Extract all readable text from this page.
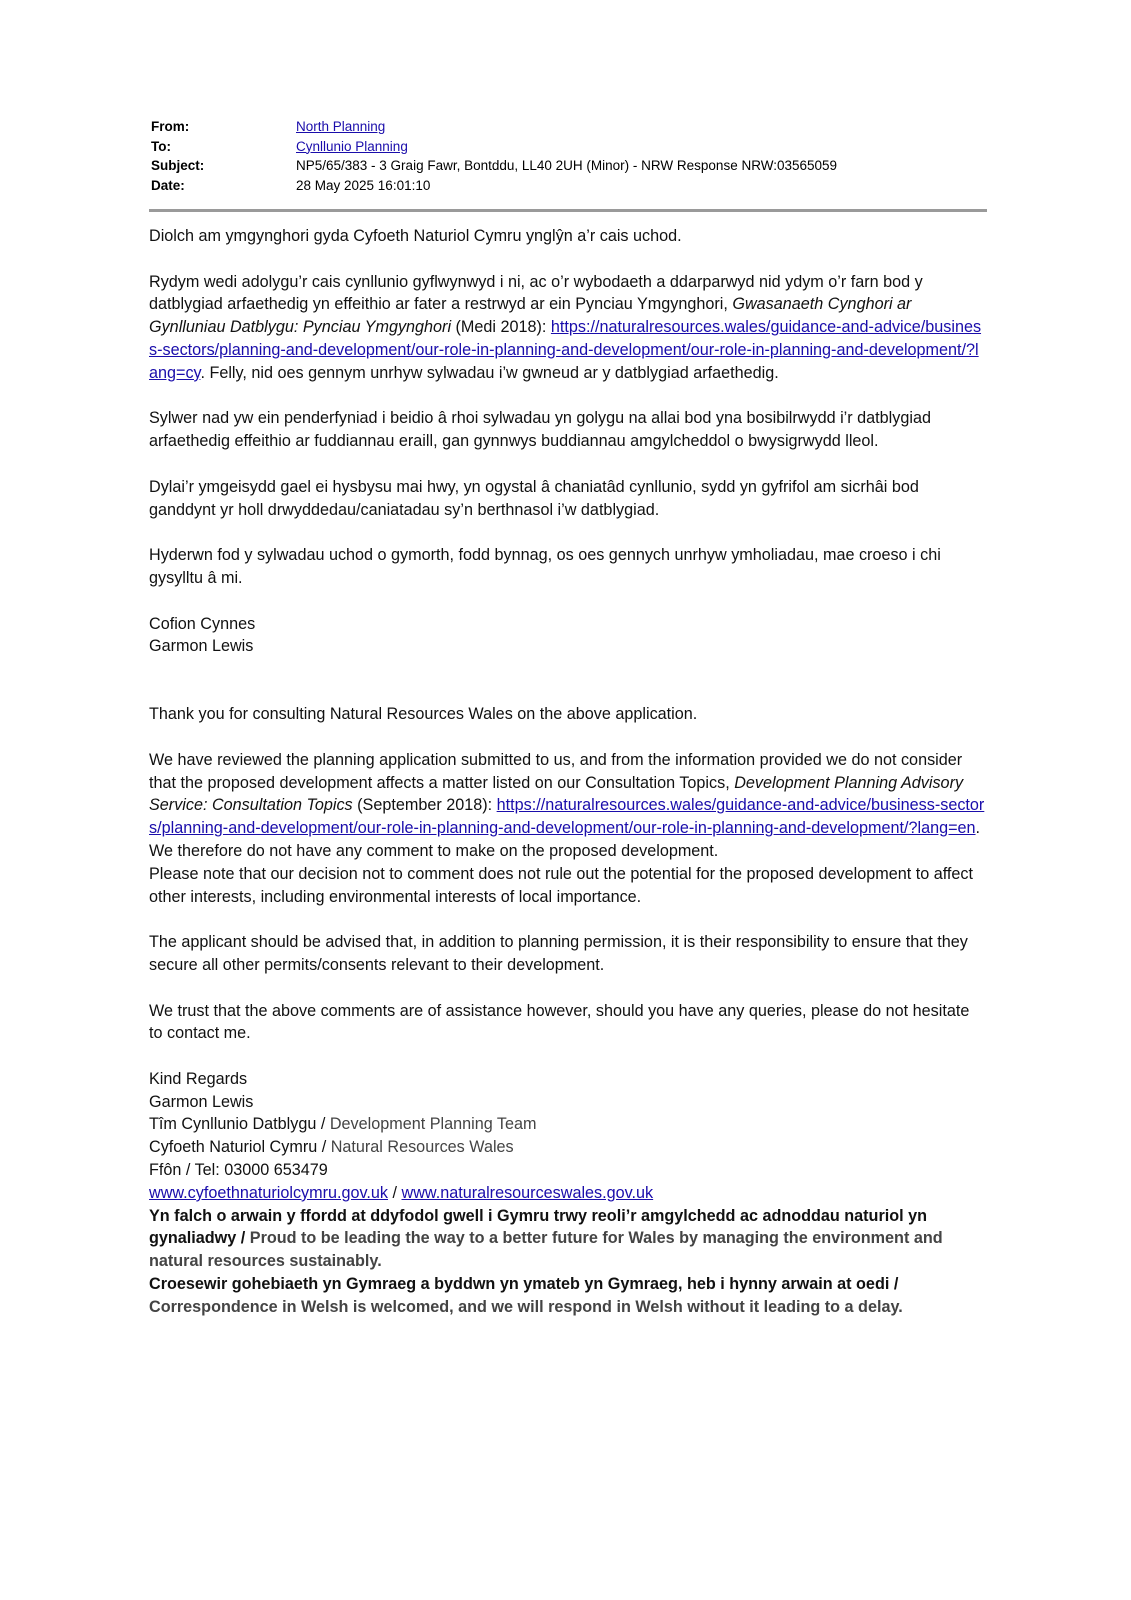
From:	North Planning
To:	Cynllunio Planning
Subject:	NP5/65/383 - 3 Graig Fawr, Bontddu, LL40 2UH (Minor) - NRW Response NRW:03565059
Date:	28 May 2025 16:01:10

Diolch am ymgynghori gyda Cyfoeth Naturiol Cymru ynglŷn a’r cais uchod.

Rydym wedi adolygu’r cais cynllunio gyflwynwyd i ni, ac o’r wybodaeth a ddarparwyd nid ydym o’r farn bod y datblygiad arfaethedig yn effeithio ar fater a restrwyd ar ein Pynciau Ymgynghori, Gwasanaeth Cynghori ar Gynlluniau Datblygu: Pynciau Ymgynghori (Medi 2018): https://naturalresources.wales/guidance-and-advice/business-sectors/planning-and-development/our-role-in-planning-and-development/our-role-in-planning-and-development/?lang=cy. Felly, nid oes gennym unrhyw sylwadau i’w gwneud ar y datblygiad arfaethedig.

Sylwer nad yw ein penderfyniad i beidio â rhoi sylwadau yn golygu na allai bod yna bosibilrwydd i’r datblygiad arfaethedig effeithio ar fuddiannau eraill, gan gynnwys buddiannau amgylcheddol o bwysigrwydd lleol.

Dylai’r ymgeisydd gael ei hysbysu mai hwy, yn ogystal â chaniatâd cynllunio, sydd yn gyfrifol am sicrhâi bod ganddynt yr holl drwyddedau/caniatadau sy’n berthnasol i’w datblygiad.

Hyderwn fod y sylwadau uchod o gymorth, fodd bynnag, os oes gennych unrhyw ymholiadau, mae croeso i chi gysylltu â mi.

Cofion Cynnes

Garmon Lewis

Thank you for consulting Natural Resources Wales on the above application.

We have reviewed the planning application submitted to us, and from the information provided we do not consider that the proposed development affects a matter listed on our Consultation Topics, Development Planning Advisory Service: Consultation Topics (September 2018): https://naturalresources.wales/guidance-and-advice/business-sectors/planning-and-development/our-role-in-planning-and-development/our-role-in-planning-and-development/?lang=en. We therefore do not have any comment to make on the proposed development.

Please note that our decision not to comment does not rule out the potential for the proposed development to affect other interests, including environmental interests of local importance.

The applicant should be advised that, in addition to planning permission, it is their responsibility to ensure that they secure all other permits/consents relevant to their development.

We trust that the above comments are of assistance however, should you have any queries, please do not hesitate to contact me.

Kind Regards

Garmon Lewis

Tîm Cynllunio Datblygu / Development Planning Team
Cyfoeth Naturiol Cymru / Natural Resources Wales
Ffôn / Tel: 03000 653479
www.cyfoethnaturiolcymru.gov.uk / www.naturalresourceswales.gov.uk
Yn falch o arwain y ffordd at ddyfodol gwell i Gymru trwy reoli’r amgylchedd ac adnoddau naturiol yn gynaliadwy / Proud to be leading the way to a better future for Wales by managing the environment and natural resources sustainably.
Croesewir gohebiaeth yn Gymraeg a byddwn yn ymateb yn Gymraeg, heb i hynny arwain at oedi / Correspondence in Welsh is welcomed, and we will respond in Welsh without it leading to a delay.
